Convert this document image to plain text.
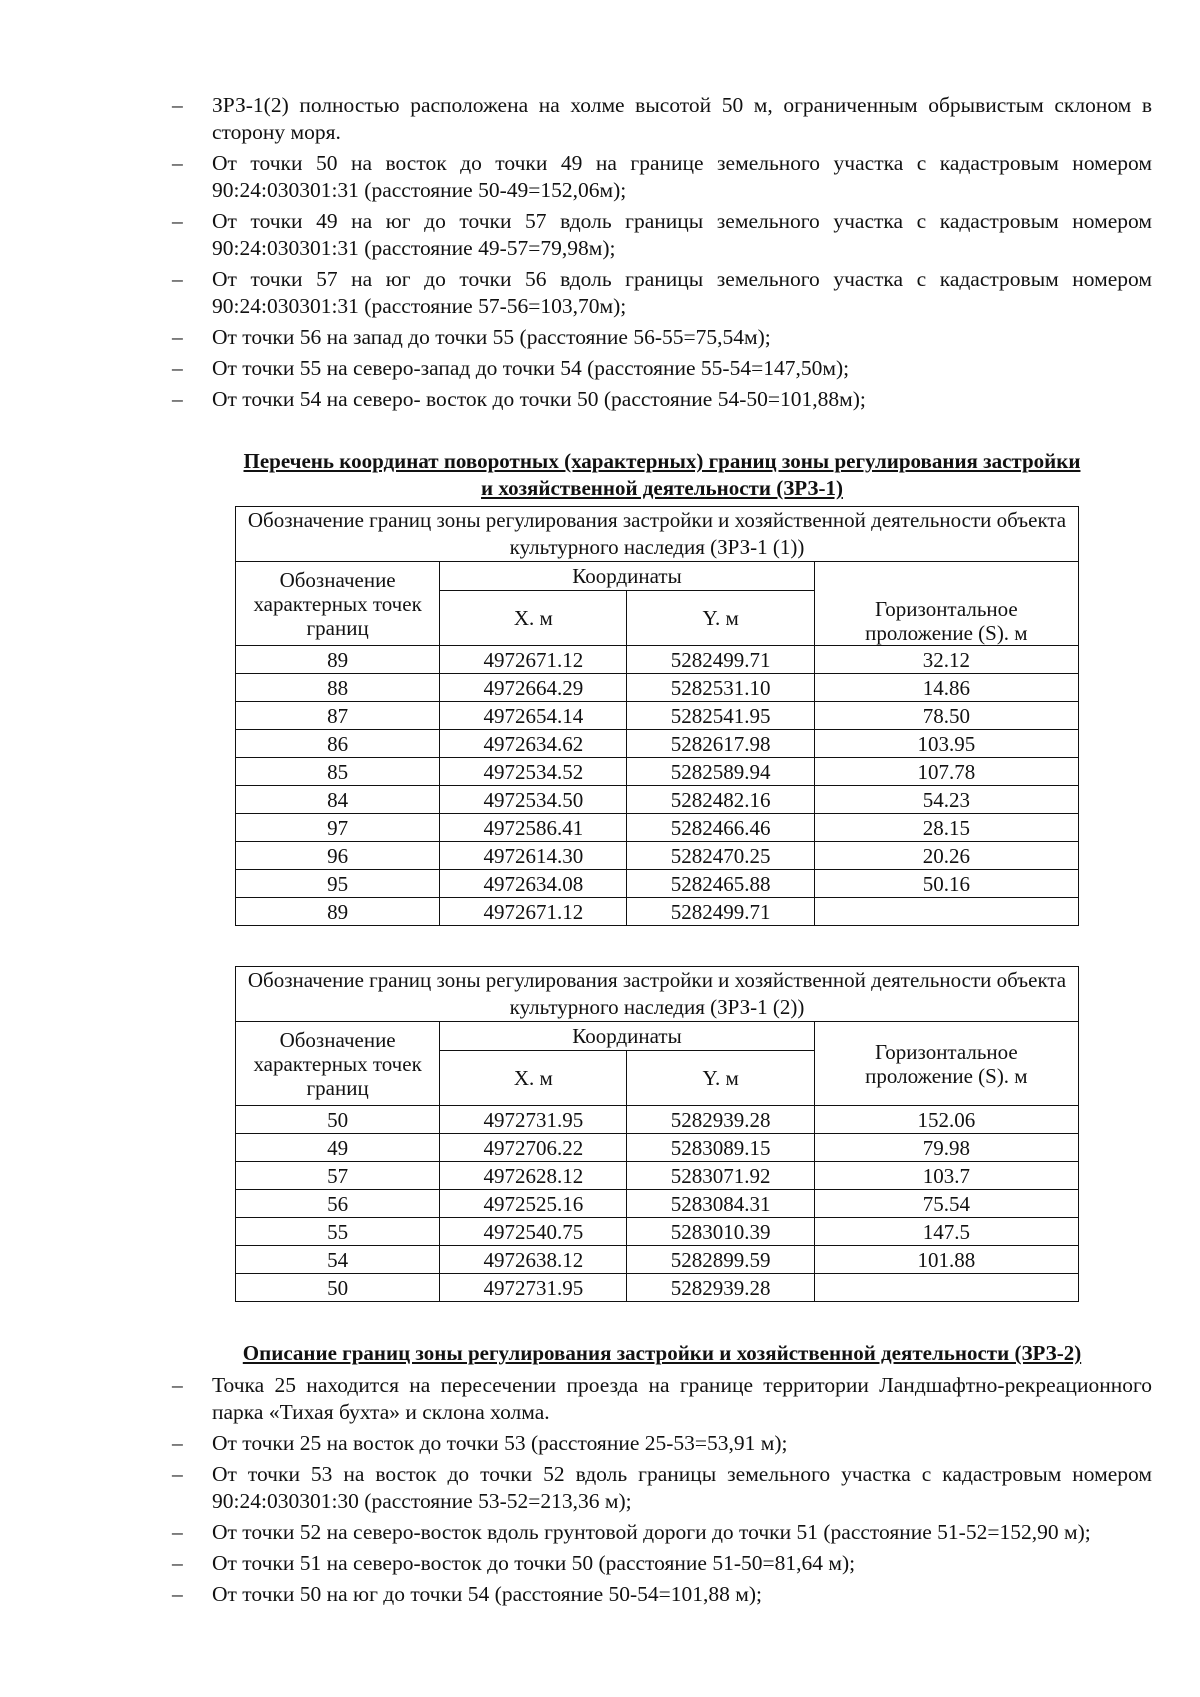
– ЗРЗ-1(2) полностью расположена на холме высотой 50 м, ограниченным обрывистым склоном в сторону моря.
– От точки 50 на восток до точки 49 на границе земельного участка с кадастровым номером 90:24:030301:31 (расстояние 50-49=152,06м);
– От точки 49 на юг до точки 57 вдоль границы земельного участка с кадастровым номером 90:24:030301:31 (расстояние 49-57=79,98м);
– От точки 57 на юг до точки 56 вдоль границы земельного участка с кадастровым номером 90:24:030301:31 (расстояние 57-56=103,70м);
– От точки 56 на запад до точки 55 (расстояние 56-55=75,54м);
– От точки 55 на северо-запад до точки 54 (расстояние 55-54=147,50м);
– От точки 54 на северо- восток до точки 50 (расстояние 54-50=101,88м);
Перечень координат поворотных (характерных) границ зоны регулирования застройки
и хозяйственной деятельности (ЗРЗ-1)
Обозначение границ зоны регулирования застройки и хозяйственной деятельности объекта культурного наследия (ЗРЗ-1 (1))			
Обозначение характерных точек границ	Координаты		Горизонтальное проложение (S). м
	X. м	Y. м	
89	4972671.12	5282499.71	32.12
88	4972664.29	5282531.10	14.86
87	4972654.14	5282541.95	78.50
86	4972634.62	5282617.98	103.95
85	4972534.52	5282589.94	107.78
84	4972534.50	5282482.16	54.23
97	4972586.41	5282466.46	28.15
96	4972614.30	5282470.25	20.26
95	4972634.08	5282465.88	50.16
89	4972671.12	5282499.71	
Обозначение границ зоны регулирования застройки и хозяйственной деятельности объекта культурного наследия (ЗРЗ-1 (2))			
Обозначение характерных точек границ	Координаты		Горизонтальное проложение (S). м
	X. м	Y. м	
50	4972731.95	5282939.28	152.06
49	4972706.22	5283089.15	79.98
57	4972628.12	5283071.92	103.7
56	4972525.16	5283084.31	75.54
55	4972540.75	5283010.39	147.5
54	4972638.12	5282899.59	101.88
50	4972731.95	5282939.28	
Описание границ зоны регулирования застройки и хозяйственной деятельности (ЗРЗ-2)
– Точка 25 находится на пересечении проезда на границе территории Ландшафтно-рекреационного парка «Тихая бухта» и склона холма.
– От точки 25 на восток до точки 53 (расстояние 25-53=53,91 м);
– От точки 53 на восток до точки 52 вдоль границы земельного участка с кадастровым номером 90:24:030301:30 (расстояние 53-52=213,36 м);
– От точки 52 на северо-восток вдоль грунтовой дороги до точки 51 (расстояние 51-52=152,90 м);
– От точки 51 на северо-восток до точки 50 (расстояние 51-50=81,64 м);
– От точки 50 на юг до точки 54 (расстояние 50-54=101,88 м);
